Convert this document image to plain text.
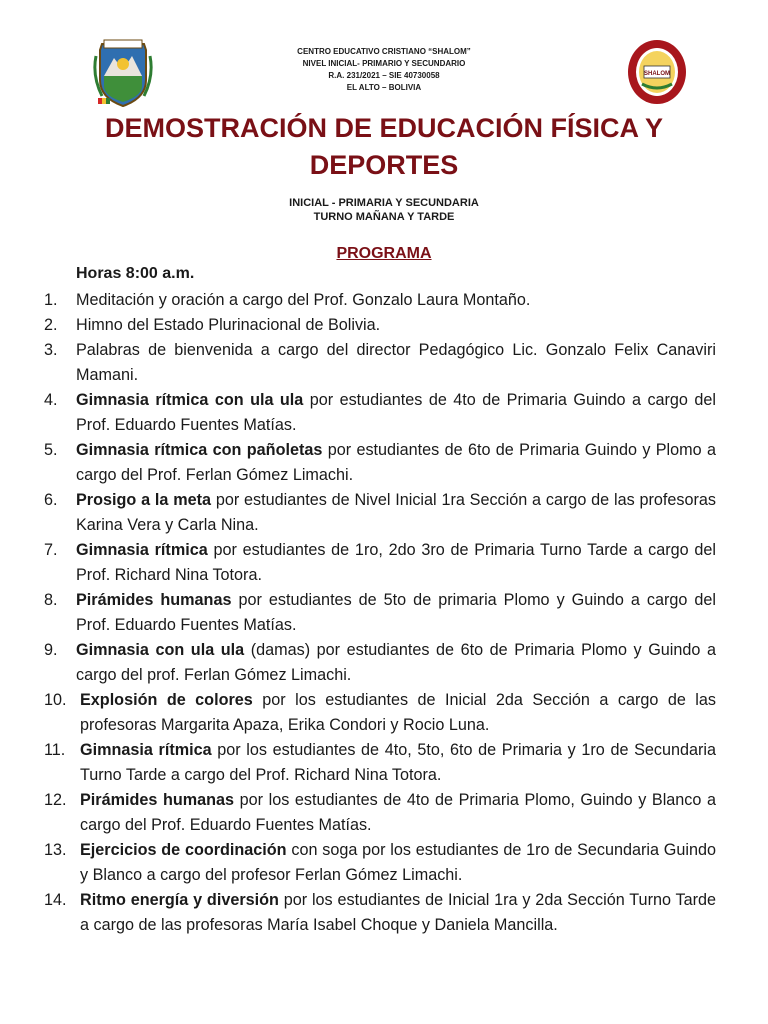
SHALOM
CENTRO EDUCATIVO CRISTIANO “SHALOM”
NIVEL INICIAL- PRIMARIO Y SECUNDARIO
R.A. 231/2021 – SIE 40730058
EL ALTO – BOLIVIA
DEMOSTRACIÓN DE EDUCACIÓN FÍSICA Y DEPORTES
INICIAL - PRIMARIA Y SECUNDARIA
TURNO MAÑANA Y TARDE
PROGRAMA
Horas 8:00 a.m.
1.	Meditación y oración a cargo del Prof. Gonzalo Laura Montaño.
2.	Himno del Estado Plurinacional de Bolivia.
3.	Palabras de bienvenida a cargo del director Pedagógico Lic. Gonzalo Felix Canaviri Mamani.
4.	Gimnasia rítmica con ula ula por estudiantes de 4to de Primaria Guindo a cargo del Prof. Eduardo Fuentes Matías.
5.	Gimnasia rítmica con pañoletas por estudiantes de 6to de Primaria Guindo y Plomo a cargo del Prof. Ferlan Gómez Limachi.
6.	Prosigo a la meta por estudiantes de Nivel Inicial 1ra Sección a cargo de las profesoras Karina Vera y Carla Nina.
7.	Gimnasia rítmica por estudiantes de 1ro, 2do 3ro de Primaria Turno Tarde a cargo del Prof. Richard Nina Totora.
8.	Pirámides humanas por estudiantes de 5to de primaria Plomo y Guindo a cargo del Prof. Eduardo Fuentes Matías.
9.	Gimnasia con ula ula (damas) por estudiantes de 6to de Primaria Plomo y Guindo a cargo del prof. Ferlan Gómez Limachi.
10. Explosión de colores por los estudiantes de Inicial 2da Sección a cargo de las profesoras Margarita Apaza, Erika Condori y Rocio Luna.
11. Gimnasia rítmica por los estudiantes de 4to, 5to, 6to de Primaria y 1ro de Secundaria Turno Tarde a cargo del Prof. Richard Nina Totora.
12. Pirámides humanas por los estudiantes de 4to de Primaria Plomo, Guindo y Blanco a cargo del Prof. Eduardo Fuentes Matías.
13. Ejercicios de coordinación con soga por los estudiantes de 1ro de Secundaria Guindo y Blanco a cargo del profesor Ferlan Gómez Limachi.
14. Ritmo energía y diversión por los estudiantes de Inicial 1ra y 2da Sección Turno Tarde a cargo de las profesoras María Isabel Choque y Daniela Mancilla.
